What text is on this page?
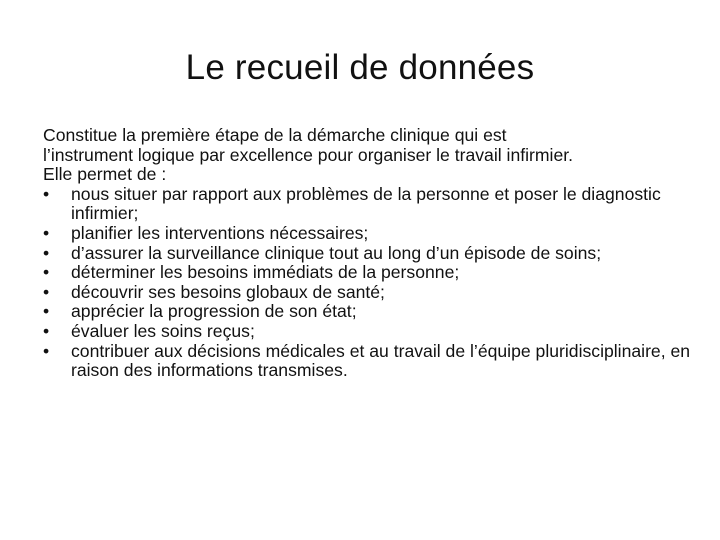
Le recueil de données
Constitue la première étape de la démarche clinique qui est
l’instrument logique par excellence pour organiser le travail infirmier.
Elle permet de :
•	nous situer par rapport aux problèmes de la personne et poser le diagnostic infirmier;
•	planifier les interventions nécessaires;
•	d’assurer la surveillance clinique tout au long d’un épisode de soins;
•	déterminer les besoins immédiats de la personne;
•	découvrir ses besoins globaux de santé;
•	apprécier la progression de son état;
•	évaluer les soins reçus;
•	contribuer aux décisions médicales et au travail de l’équipe pluridisciplinaire, en raison des informations transmises.
